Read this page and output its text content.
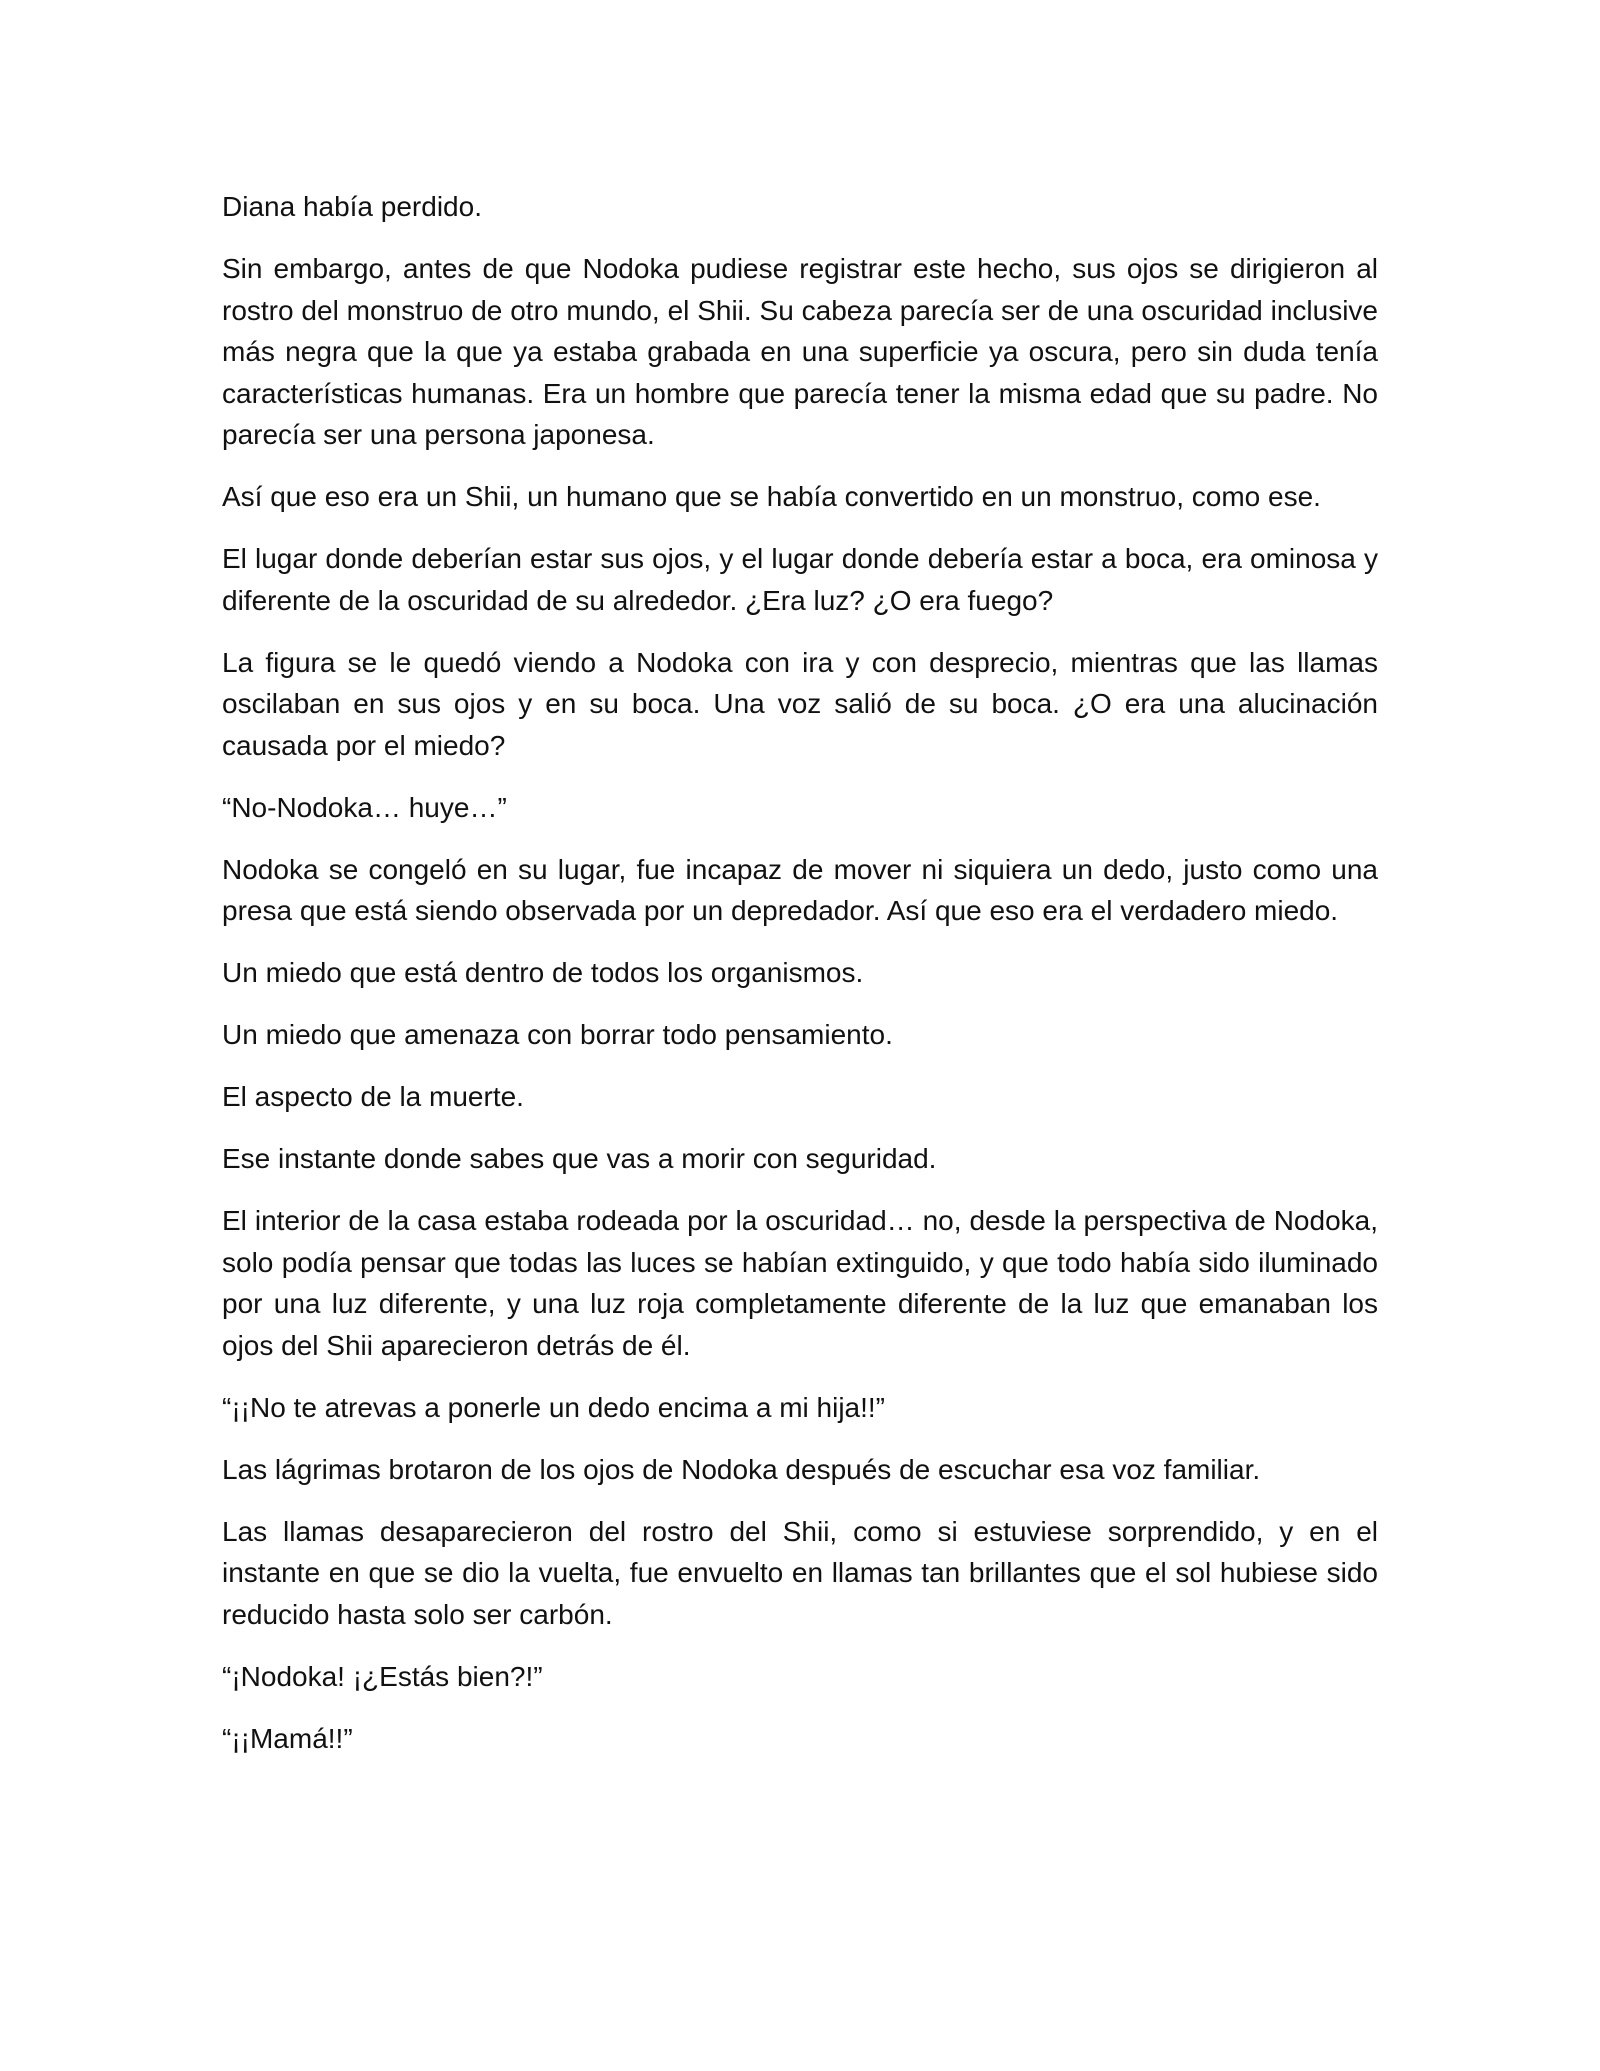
Diana había perdido.

Sin embargo, antes de que Nodoka pudiese registrar este hecho, sus ojos se dirigieron al rostro del monstruo de otro mundo, el Shii. Su cabeza parecía ser de una oscuridad inclusive más negra que la que ya estaba grabada en una superficie ya oscura, pero sin duda tenía características humanas. Era un hombre que parecía tener la misma edad que su padre. No parecía ser una persona japonesa.

Así que eso era un Shii, un humano que se había convertido en un monstruo, como ese.

El lugar donde deberían estar sus ojos, y el lugar donde debería estar a boca, era ominosa y diferente de la oscuridad de su alrededor. ¿Era luz? ¿O era fuego?

La figura se le quedó viendo a Nodoka con ira y con desprecio, mientras que las llamas oscilaban en sus ojos y en su boca. Una voz salió de su boca. ¿O era una alucinación causada por el miedo?

“No-Nodoka… huye…”

Nodoka se congeló en su lugar, fue incapaz de mover ni siquiera un dedo, justo como una presa que está siendo observada por un depredador. Así que eso era el verdadero miedo.

Un miedo que está dentro de todos los organismos.

Un miedo que amenaza con borrar todo pensamiento.

El aspecto de la muerte.

Ese instante donde sabes que vas a morir con seguridad.

El interior de la casa estaba rodeada por la oscuridad… no, desde la perspectiva de Nodoka, solo podía pensar que todas las luces se habían extinguido, y que todo había sido iluminado por una luz diferente, y una luz roja completamente diferente de la luz que emanaban los ojos del Shii aparecieron detrás de él.

“¡¡No te atrevas a ponerle un dedo encima a mi hija!!”

Las lágrimas brotaron de los ojos de Nodoka después de escuchar esa voz familiar.

Las llamas desaparecieron del rostro del Shii, como si estuviese sorprendido, y en el instante en que se dio la vuelta, fue envuelto en llamas tan brillantes que el sol hubiese sido reducido hasta solo ser carbón.

“¡Nodoka! ¡¿Estás bien?!”

“¡¡Mamá!!”
